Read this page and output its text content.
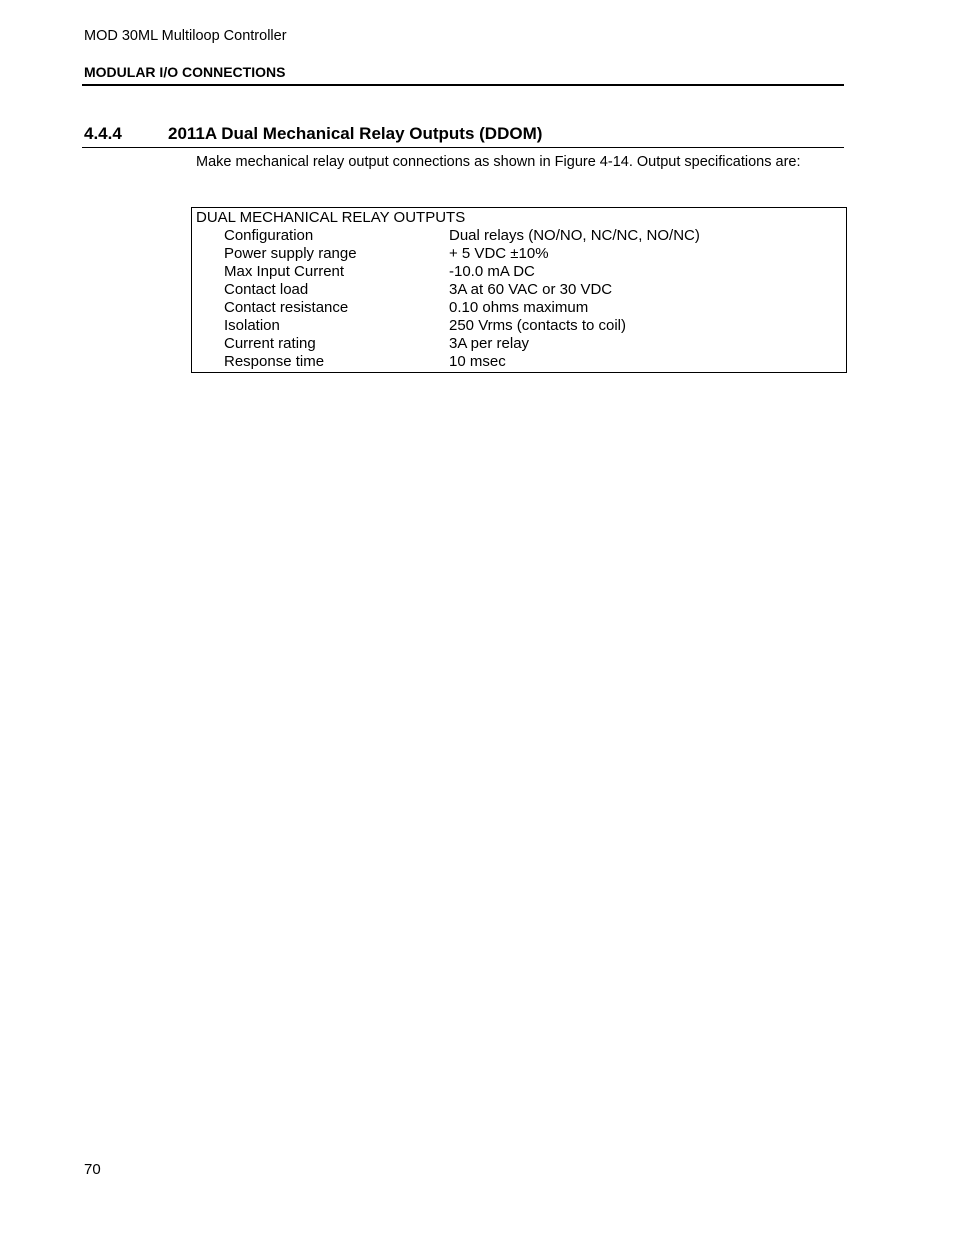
MOD 30ML Multiloop Controller
MODULAR I/O CONNECTIONS
4.4.4	2011A Dual Mechanical Relay Outputs (DDOM)
Make mechanical relay output connections as shown in Figure 4-14. Output specifications are:
DUAL MECHANICAL RELAY OUTPUTS
Configuration	Dual relays (NO/NO, NC/NC, NO/NC)
Power supply range	+ 5 VDC ±10%
Max Input Current	-10.0 mA DC
Contact load	3A at 60 VAC or 30 VDC
Contact resistance	0.10 ohms maximum
Isolation	250 Vrms (contacts to coil)
Current rating	3A per relay
Response time	10 msec
70
